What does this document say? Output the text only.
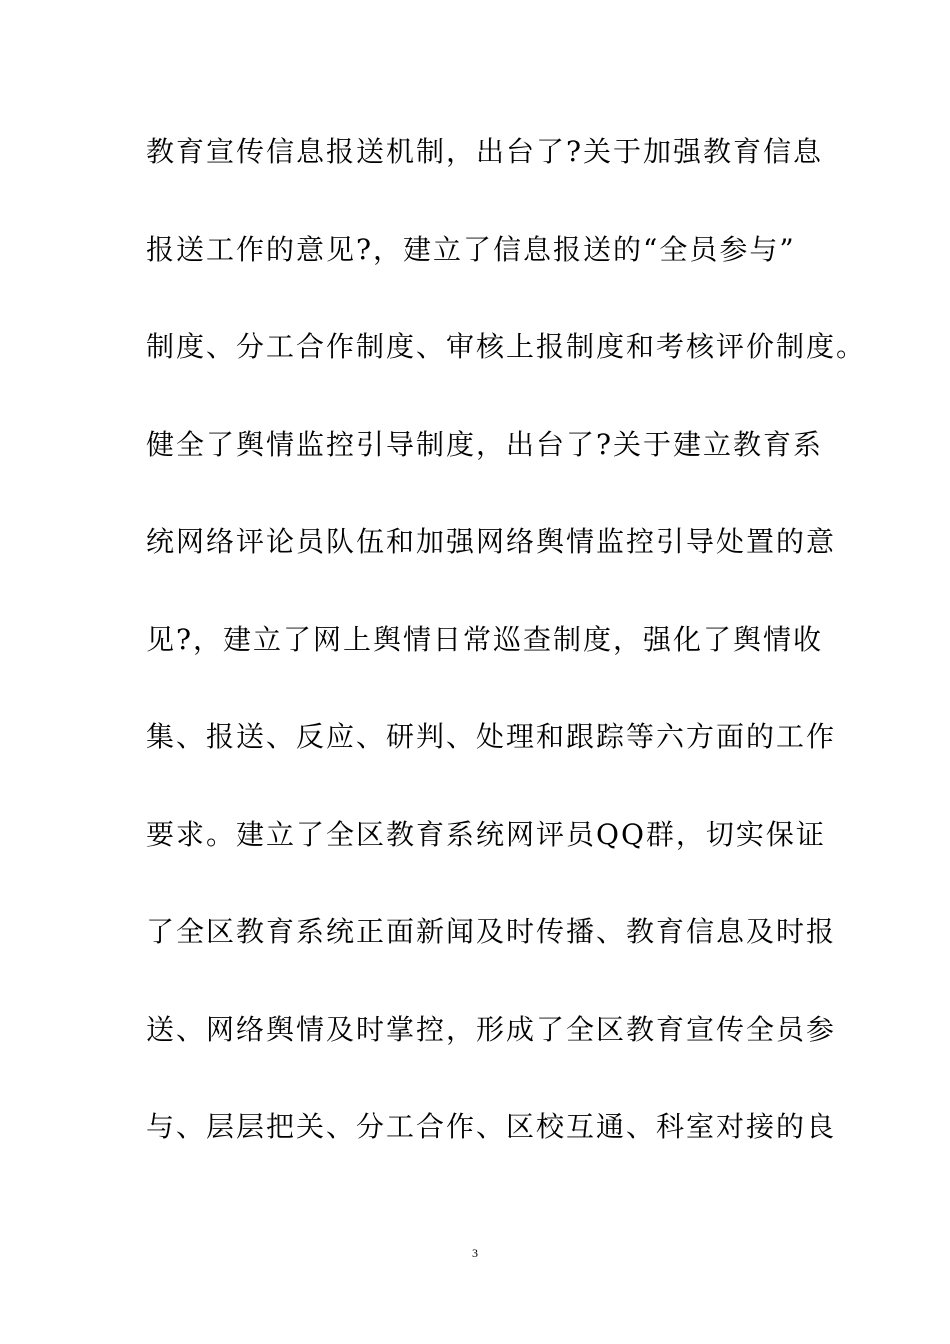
教育宣传信息报送机制，出台了?关于加强教育信息
报送工作的意见?，建立了信息报送的“全员参与”
制度、分工合作制度、审核上报制度和考核评价制度。
健全了舆情监控引导制度，出台了?关于建立教育系
统网络评论员队伍和加强网络舆情监控引导处置的意
见?，建立了网上舆情日常巡查制度，强化了舆情收
集、报送、反应、研判、处理和跟踪等六方面的工作
要求。建立了全区教育系统网评员QQ群，切实保证
了全区教育系统正面新闻及时传播、教育信息及时报
送、网络舆情及时掌控，形成了全区教育宣传全员参
与、层层把关、分工合作、区校互通、科室对接的良
3
